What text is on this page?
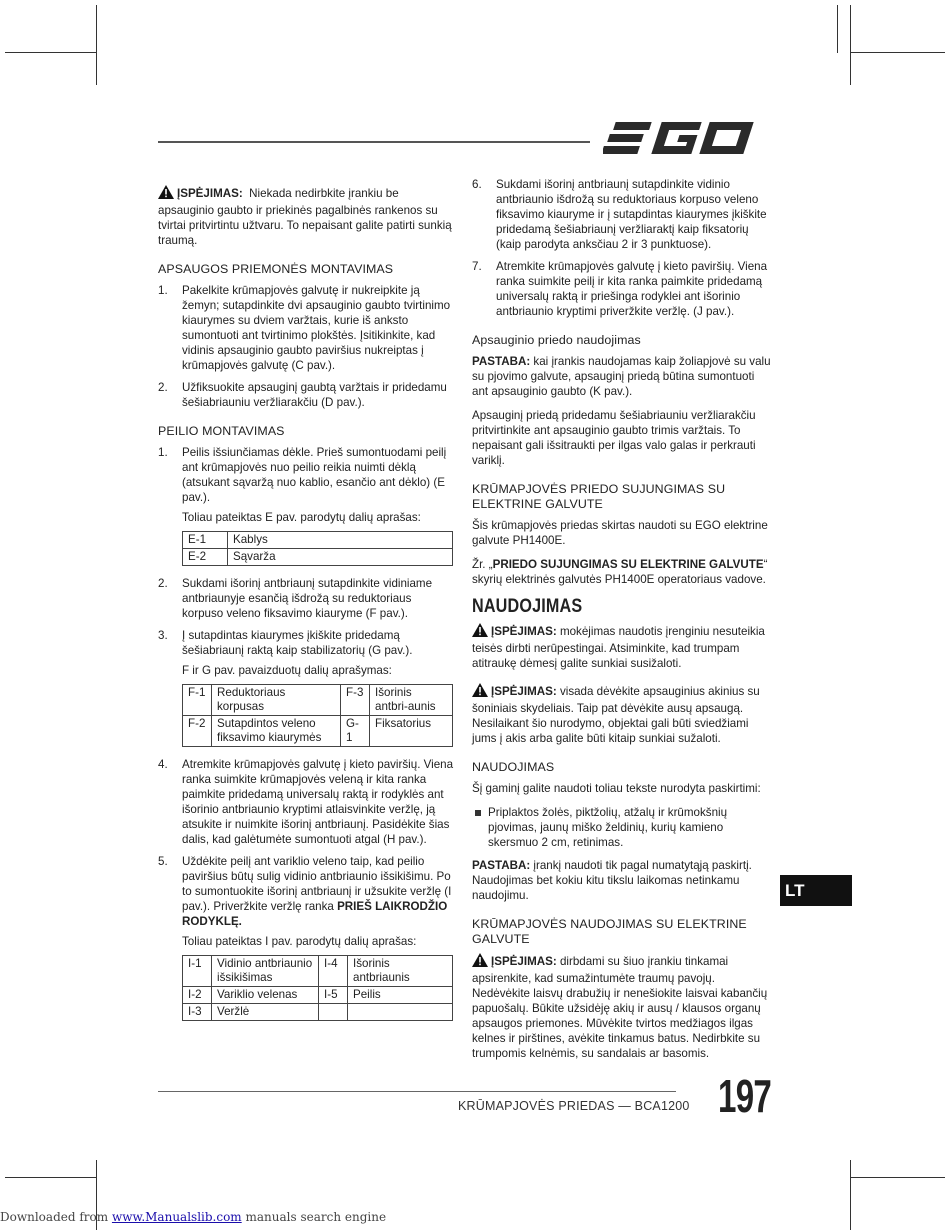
ĮSPĖJIMAS: Niekada nedirbkite įrankiu be apsauginio gaubto ir priekinės pagalbinės rankenos su tvirtai pritvirtintu užtvaru. To nepaisant galite patirti sunkią traumą.

APSAUGOS PRIEMONĖS MONTAVIMAS
1. Pakelkite krūmapjovės galvutę ir nukreipkite ją žemyn; sutapdinkite dvi apsauginio gaubto tvirtinimo kiaurymes su dviem varžtais, kurie iš anksto sumontuoti ant tvirtinimo plokštės. Įsitikinkite, kad vidinis apsauginio gaubto paviršius nukreiptas į krūmapjovės galvutę (C pav.).
2. Užfiksuokite apsauginį gaubtą varžtais ir pridedamu šešiabriauniu veržliarakčiu (D pav.).
PEILIO MONTAVIMAS
1. Peilis išsiunčiamas dėkle. Prieš sumontuodami peilį ant krūmapjovės nuo peilio reikia nuimti dėklą (atsukant sąvaržą nuo kablio, esančio ant dėklo) (E pav.).
Toliau pateiktas E pav. parodytų dalių aprašas:
E-1	Kablys
E-2	Sąvarža
2. Sukdami išorinį antbriaunį sutapdinkite vidiniame antbriaunyje esančią išdrožą su reduktoriaus korpuso veleno fiksavimo kiauryme (F pav.).
3. Į sutapdintas kiaurymes įkiškite pridedamą šešiabriaunį raktą kaip stabilizatorių (G pav.).
F ir G pav. pavaizduotų dalių aprašymas:
F-1	Reduktoriaus korpusas	F-3	Išorinis antbri-aunis
F-2	Sutapdintos veleno fiksavimo kiaurymės	G-1	Fiksatorius
4. Atremkite krūmapjovės galvutę į kieto paviršių. Viena ranka suimkite krūmapjovės veleną ir kita ranka paimkite pridedamą universalų raktą ir rodyklės ant išorinio antbriaunio kryptimi atlaisvinkite veržlę, ją atsukite ir nuimkite išorinį antbriaunį. Pasidėkite šias dalis, kad galėtumėte sumontuoti atgal (H pav.).
5. Uždėkite peilį ant variklio veleno taip, kad peilio paviršius būtų sulig vidinio antbriaunio išsikišimu. Po to sumontuokite išorinį antbriaunį ir užsukite veržlę (I pav.). Priveržkite veržlę ranka PRIEŠ LAIKRODŽIO RODYKLĘ.
Toliau pateiktas I pav. parodytų dalių aprašas:
I-1	Vidinio antbriaunio išsikišimas	I-4	Išorinis antbriaunis
I-2	Variklio velenas	I-5	Peilis
I-3	Veržlė		
6. Sukdami išorinį antbriaunį sutapdinkite vidinio antbriaunio išdrožą su reduktoriaus korpuso veleno fiksavimo kiauryme ir į sutapdintas kiaurymes įkiškite pridedamą šešiabriaunį veržliaraktį kaip fiksatorių (kaip parodyta anksčiau 2 ir 3 punktuose).
7. Atremkite krūmapjovės galvutę į kieto paviršių. Viena ranka suimkite peilį ir kita ranka paimkite pridedamą universalų raktą ir priešinga rodyklei ant išorinio antbriaunio kryptimi priveržkite veržlę. (J pav.).
Apsauginio priedo naudojimas

PASTABA: kai įrankis naudojamas kaip žoliapjovė su valu su pjovimo galvute, apsauginį priedą būtina sumontuoti ant apsauginio gaubto (K pav.).

Apsauginį priedą pridedamu šešiabriauniu veržliarakčiu pritvirtinkite ant apsauginio gaubto trimis varžtais. To nepaisant gali išsitraukti per ilgas valo galas ir perkrauti variklį.

KRŪMAPJOVĖS PRIEDO SUJUNGIMAS SU ELEKTRINE GALVUTE

Šis krūmapjovės priedas skirtas naudoti su EGO elektrine galvute PH1400E.

Žr. „PRIEDO SUJUNGIMAS SU ELEKTRINE GALVUTE“ skyrių elektrinės galvutės PH1400E operatoriaus vadove.

NAUDOJIMAS

ĮSPĖJIMAS: mokėjimas naudotis įrenginiu nesuteikia teisės dirbti nerūpestingai. Atsiminkite, kad trumpam atitraukę dėmesį galite sunkiai susižaloti.

ĮSPĖJIMAS: visada dėvėkite apsauginius akinius su šoniniais skydeliais. Taip pat dėvėkite ausų apsaugą. Nesilaikant šio nurodymo, objektai gali būti sviedžiami jums į akis arba galite būti kitaip sunkiai sužaloti.

NAUDOJIMAS

Šį gaminį galite naudoti toliau tekste nurodyta paskirtimi:

Priplaktos žolės, piktžolių, atžalų ir krūmokšnių pjovimas, jaunų miško želdinių, kurių kamieno skersmuo 2 cm, retinimas.

PASTABA: įrankį naudoti tik pagal numatytąją paskirtį. Naudojimas bet kokiu kitu tikslu laikomas netinkamu naudojimu.

KRŪMAPJOVĖS NAUDOJIMAS SU ELEKTRINE GALVUTE

ĮSPĖJIMAS: dirbdami su šiuo įrankiu tinkamai apsirenkite, kad sumažintumėte traumų pavojų. Nedėvėkite laisvų drabužių ir nenešiokite laisvai kabančių papuošalų. Būkite užsidėję akių ir ausų / klausos organų apsaugos priemones. Mūvėkite tvirtos medžiagos ilgas kelnes ir pirštines, avėkite tinkamus batus. Nedirbkite su trumpomis kelnėmis, su sandalais ar basomis.

LT
KRŪMAPJOVĖS PRIEDAS — BCA1200 197
Downloaded from www.Manualslib.com manuals search engine
